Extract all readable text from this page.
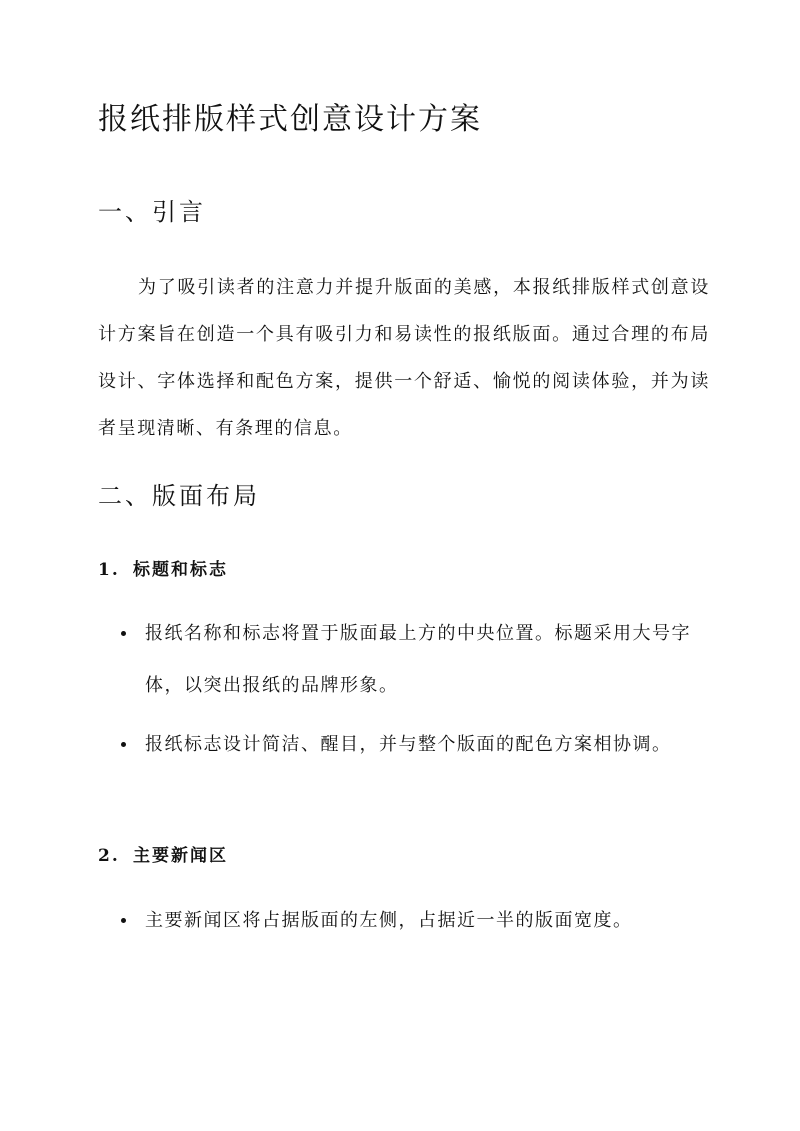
报纸排版样式创意设计方案
一、引言

为了吸引读者的注意力并提升版面的美感，本报纸排版样式创意设计方案旨在创造一个具有吸引力和易读性的报纸版面。通过合理的布局设计、字体选择和配色方案，提供一个舒适、愉悦的阅读体验，并为读者呈现清晰、有条理的信息。

二、版面布局
1. 标题和标志
报纸名称和标志将置于版面最上方的中央位置。标题采用大号字体，以突出报纸的品牌形象。
报纸标志设计简洁、醒目，并与整个版面的配色方案相协调。
2. 主要新闻区
主要新闻区将占据版面的左侧，占据近一半的版面宽度。
